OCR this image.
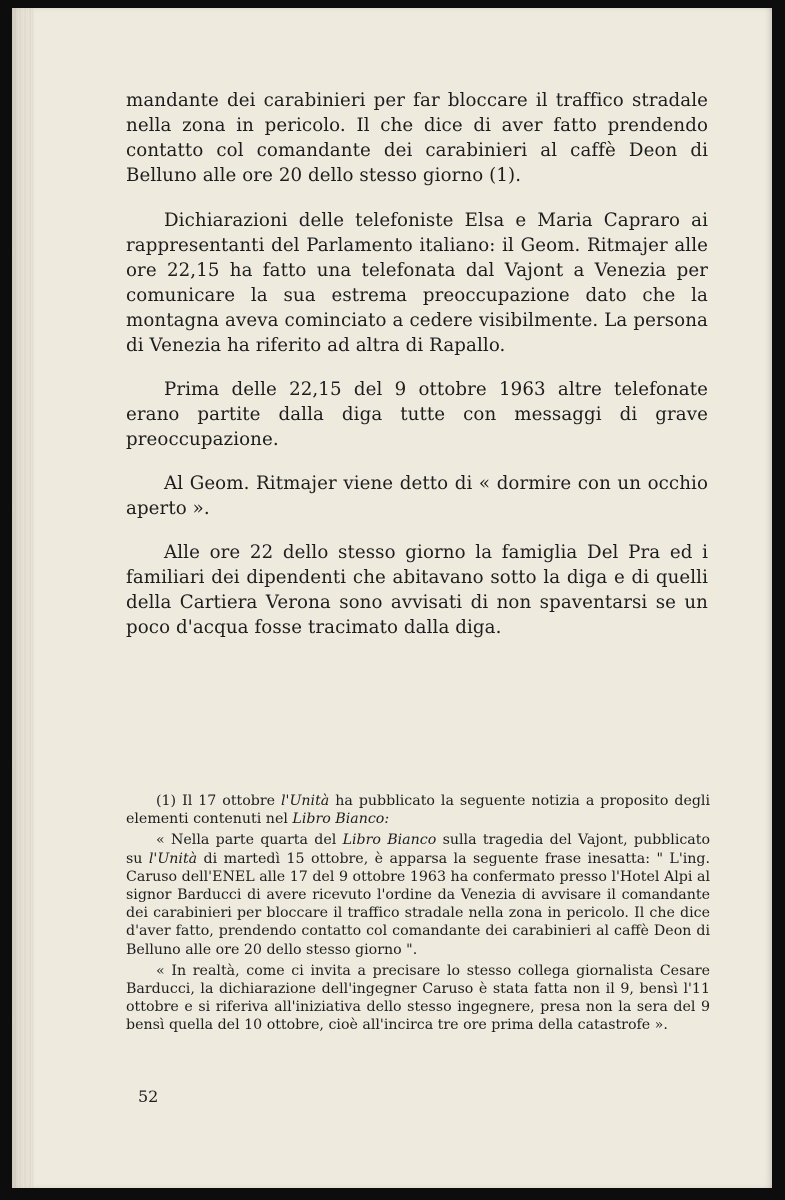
mandante dei carabinieri per far bloccare il traffico stradale nella zona in pericolo. Il che dice di aver fatto prendendo contatto col comandante dei carabinieri al caffè Deon di Belluno alle ore 20 dello stesso giorno (1).

Dichiarazioni delle telefoniste Elsa e Maria Capraro ai rappresentanti del Parlamento italiano: il Geom. Ritmajer alle ore 22,15 ha fatto una telefonata dal Vajont a Venezia per comunicare la sua estrema preoccupazione dato che la montagna aveva cominciato a cedere visibilmente. La persona di Venezia ha riferito ad altra di Rapallo.

Prima delle 22,15 del 9 ottobre 1963 altre telefonate erano partite dalla diga tutte con messaggi di grave preoccupazione.

Al Geom. Ritmajer viene detto di « dormire con un occhio aperto ».

Alle ore 22 dello stesso giorno la famiglia Del Pra ed i familiari dei dipendenti che abitavano sotto la diga e di quelli della Cartiera Verona sono avvisati di non spaventarsi se un poco d'acqua fosse tracimato dalla diga.

(1) Il 17 ottobre l'Unità ha pubblicato la seguente notizia a proposito degli elementi contenuti nel Libro Bianco:

« Nella parte quarta del Libro Bianco sulla tragedia del Vajont, pubblicato su l'Unità di martedì 15 ottobre, è apparsa la seguente frase inesatta: " L'ing. Caruso dell'ENEL alle 17 del 9 ottobre 1963 ha confermato presso l'Hotel Alpi al signor Barducci di avere ricevuto l'ordine da Venezia di avvisare il comandante dei carabinieri per bloccare il traffico stradale nella zona in pericolo. Il che dice d'aver fatto, prendendo contatto col comandante dei carabinieri al caffè Deon di Belluno alle ore 20 dello stesso giorno ".

« In realtà, come ci invita a precisare lo stesso collega giornalista Cesare Barducci, la dichiarazione dell'ingegner Caruso è stata fatta non il 9, bensì l'11 ottobre e si riferiva all'iniziativa dello stesso ingegnere, presa non la sera del 9 bensì quella del 10 ottobre, cioè all'incirca tre ore prima della catastrofe ».

52
